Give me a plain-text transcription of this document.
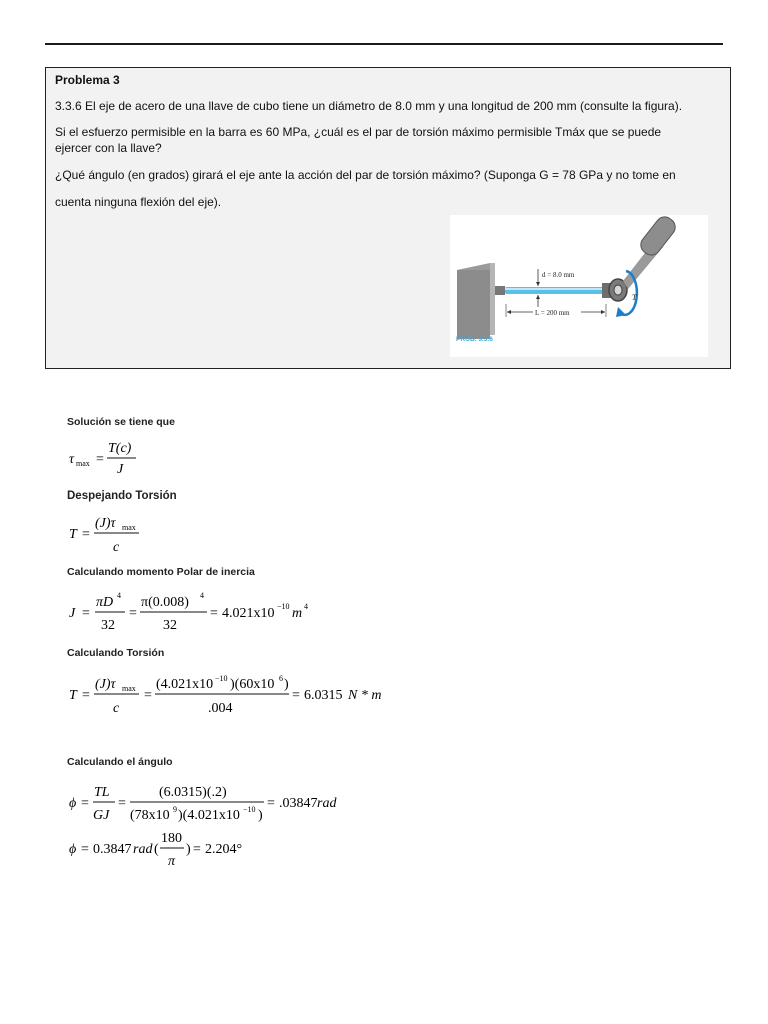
Problema 3
3.3.6 El eje de acero de una llave de cubo tiene un diámetro de 8.0 mm y una longitud de 200 mm (consulte la figura).
Si el esfuerzo permisible en la barra es 60 MPa, ¿cuál es el par de torsión máximo permisible Tmáx que se puede
ejercer con la llave?
¿Qué ángulo (en grados) girará el eje ante la acción del par de torsión máximo? (Suponga G = 78 GPa y no tome en
cuenta ninguna flexión del eje).
T
d = 8.0 mm
L = 200 mm
PROB. 3.3.6
Solución se tiene que
τ max =
T(c)
J
Despejando Torsión
T =
(J)τ max
c
Calculando momento Polar de inercia
J =
πD 4
32
=
π(0.008) 4
32
= 4.021x10 −10 m 4
Calculando Torsión
T =
(J)τ max
c
=
(4.021x10 −10 )(60x10 6 )
.004
= 6.0315 N * m
Calculando el ángulo
ϕ =
TL
GJ
=
(6.0315)(.2)
(78x10 9 )(4.021x10 −10 )
= .03847 rad
ϕ = 0.3847 rad (
180
π
) = 2.204°
